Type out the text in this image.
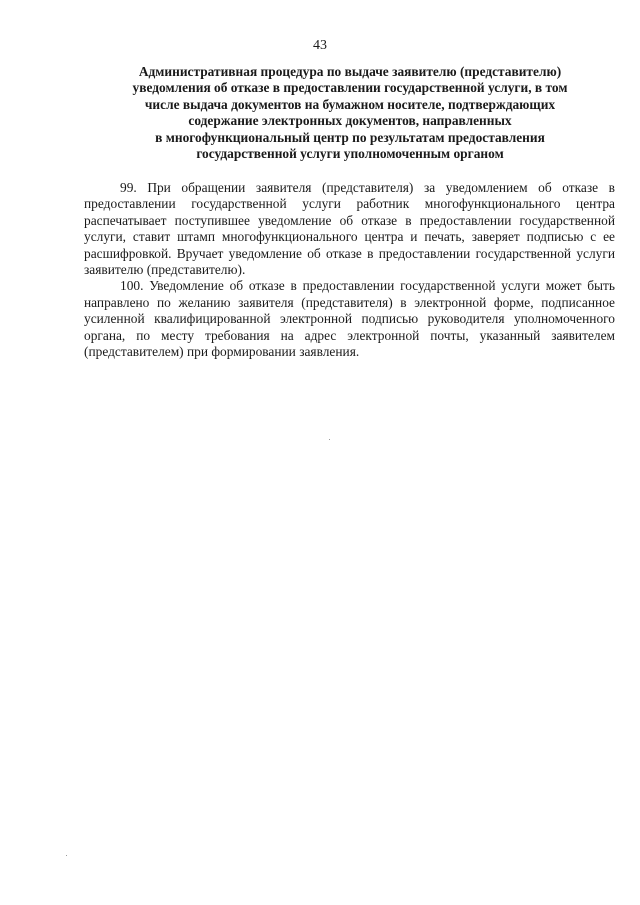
43
Административная процедура по выдаче заявителю (представителю)
уведомления об отказе в предоставлении государственной услуги, в том
числе выдача документов на бумажном носителе, подтверждающих
содержание электронных документов, направленных
в многофункциональный центр по результатам предоставления
государственной услуги уполномоченным органом

99. При обращении заявителя (представителя) за уведомлением об отказе в предоставлении государственной услуги работник многофункционального центра распечатывает поступившее уведомление об отказе в предоставлении государственной услуги, ставит штамп многофункционального центра и печать, заверяет подписью с ее расшифровкой. Вручает уведомление об отказе в предоставлении государственной услуги заявителю (представителю).

100. Уведомление об отказе в предоставлении государственной услуги может быть направлено по желанию заявителя (представителя) в электронной форме, подписанное усиленной квалифицированной электронной подписью руководителя уполномоченного органа, по месту требования на адрес электронной почты, указанный заявителем (представителем) при формировании заявления.
